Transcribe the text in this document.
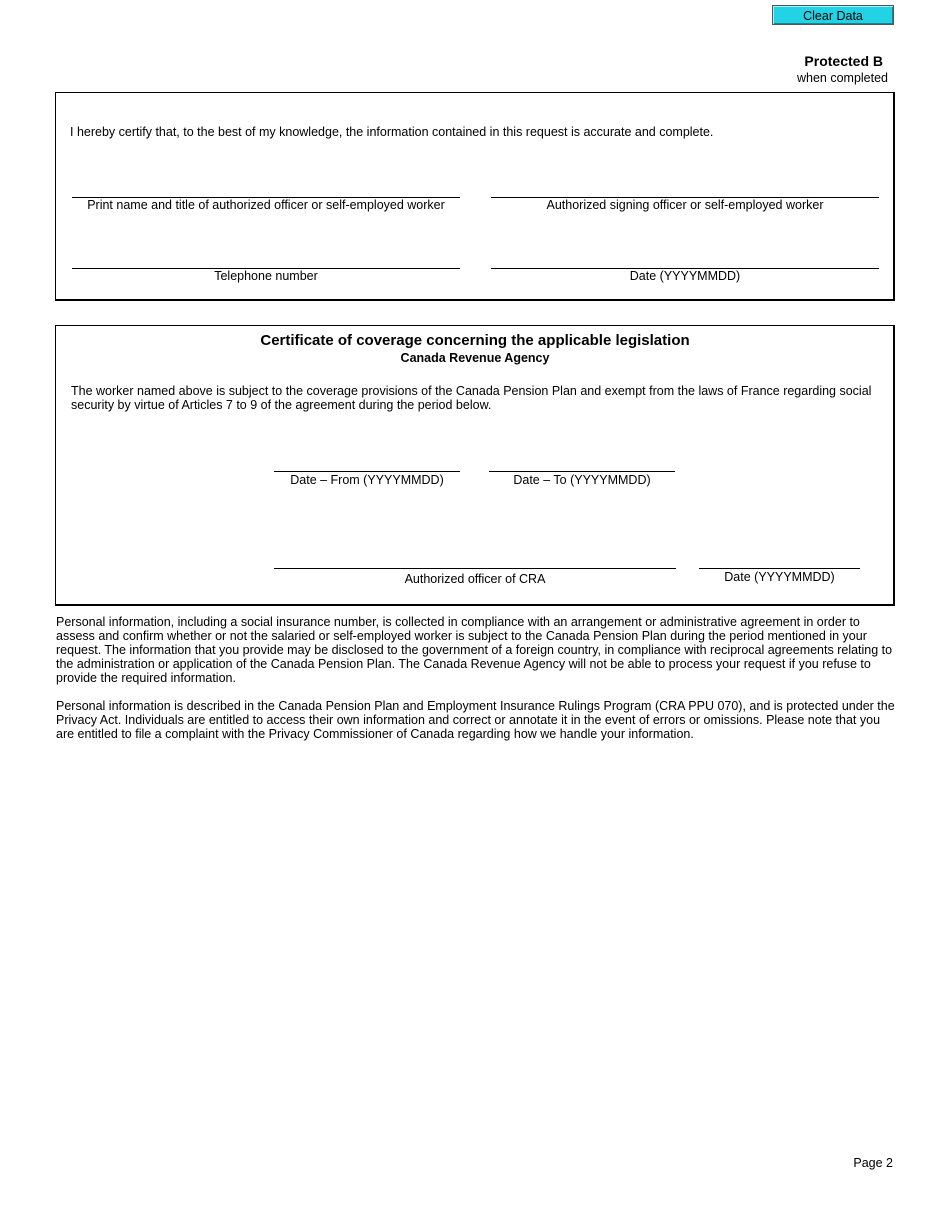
Clear Data
Protected B
when completed
I hereby certify that, to the best of my knowledge, the information contained in this request is accurate and complete.
Print name and title of authorized officer or self-employed worker	Authorized signing officer or self-employed worker
Telephone number	Date (YYYYMMDD)
Certificate of coverage concerning the applicable legislation
Canada Revenue Agency
The worker named above is subject to the coverage provisions of the Canada Pension Plan and exempt from the laws of France regarding social security by virtue of Articles 7 to 9 of the agreement during the period below.
Date – From (YYYYMMDD)	Date – To (YYYYMMDD)
Authorized officer of CRA	Date (YYYYMMDD)
Personal information, including a social insurance number, is collected in compliance with an arrangement or administrative agreement in order to assess and confirm whether or not the salaried or self-employed worker is subject to the Canada Pension Plan during the period mentioned in your request. The information that you provide may be disclosed to the government of a foreign country, in compliance with reciprocal agreements relating to the administration or application of the Canada Pension Plan. The Canada Revenue Agency will not be able to process your request if you refuse to provide the required information.
Personal information is described in the Canada Pension Plan and Employment Insurance Rulings Program (CRA PPU 070), and is protected under the Privacy Act. Individuals are entitled to access their own information and correct or annotate it in the event of errors or omissions. Please note that you are entitled to file a complaint with the Privacy Commissioner of Canada regarding how we handle your information.
Page 2
